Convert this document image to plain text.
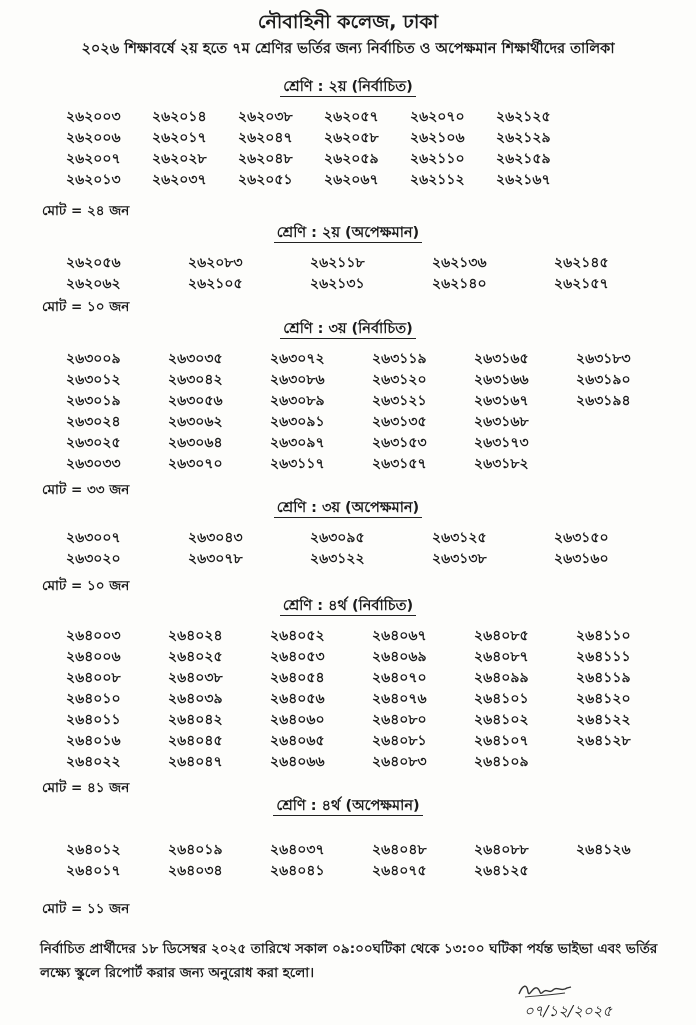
নৌবাহিনী কলেজ, ঢাকা

২০২৬ শিক্ষাবর্ষে ২য় হতে ৭ম শ্রেণির ভর্তির জন্য নির্বাচিত ও অপেক্ষমান শিক্ষার্থীদের তালিকা

শ্রেণি : ২য় (নির্বাচিত)
২৬২০০৩	২৬২০১৪	২৬২০৩৮	২৬২০৫৭	২৬২০৭০	২৬২১২৫
২৬২০০৬	২৬২০১৭	২৬২০৪৭	২৬২০৫৮	২৬২১০৬	২৬২১২৯
২৬২০০৭	২৬২০২৮	২৬২০৪৮	২৬২০৫৯	২৬২১১০	২৬২১৫৯
২৬২০১৩	২৬২০৩৭	২৬২০৫১	২৬২০৬৭	২৬২১১২	২৬২১৬৭
মোট = ২৪ জন
শ্রেণি : ২য় (অপেক্ষমান)
২৬২০৫৬	২৬২০৮৩	২৬২১১৮	২৬২১৩৬	২৬২১৪৫
২৬২০৬২	২৬২১০৫	২৬২১৩১	২৬২১৪০	২৬২১৫৭
মোট = ১০ জন
শ্রেণি : ৩য় (নির্বাচিত)
২৬৩০০৯	২৬৩০৩৫	২৬৩০৭২	২৬৩১১৯	২৬৩১৬৫	২৬৩১৮৩
২৬৩০১২	২৬৩০৪২	২৬৩০৮৬	২৬৩১২০	২৬৩১৬৬	২৬৩১৯০
২৬৩০১৯	২৬৩০৫৬	২৬৩০৮৯	২৬৩১২১	২৬৩১৬৭	২৬৩১৯৪
২৬৩০২৪	২৬৩০৬২	২৬৩০৯১	২৬৩১৩৫	২৬৩১৬৮
২৬৩০২৫	২৬৩০৬৪	২৬৩০৯৭	২৬৩১৫৩	২৬৩১৭৩
২৬৩০৩৩	২৬৩০৭০	২৬৩১১৭	২৬৩১৫৭	২৬৩১৮২
মোট = ৩৩ জন
শ্রেণি : ৩য় (অপেক্ষমান)
২৬৩০০৭	২৬৩০৪৩	২৬৩০৯৫	২৬৩১২৫	২৬৩১৫০
২৬৩০২০	২৬৩০৭৮	২৬৩১২২	২৬৩১৩৮	২৬৩১৬০
মোট = ১০ জন
শ্রেণি : ৪র্থ (নির্বাচিত)
২৬৪০০৩	২৬৪০২৪	২৬৪০৫২	২৬৪০৬৭	২৬৪০৮৫	২৬৪১১০
২৬৪০০৬	২৬৪০২৫	২৬৪০৫৩	২৬৪০৬৯	২৬৪০৮৭	২৬৪১১১
২৬৪০০৮	২৬৪০৩৮	২৬৪০৫৪	২৬৪০৭০	২৬৪০৯৯	২৬৪১১৯
২৬৪০১০	২৬৪০৩৯	২৬৪০৫৬	২৬৪০৭৬	২৬৪১০১	২৬৪১২০
২৬৪০১১	২৬৪০৪২	২৬৪০৬০	২৬৪০৮০	২৬৪১০২	২৬৪১২২
২৬৪০১৬	২৬৪০৪৫	২৬৪০৬৫	২৬৪০৮১	২৬৪১০৭	২৬৪১২৮
২৬৪০২২	২৬৪০৪৭	২৬৪০৬৬	২৬৪০৮৩	২৬৪১০৯
মোট = ৪১ জন
শ্রেণি : ৪র্থ (অপেক্ষমান)
২৬৪০১২	২৬৪০১৯	২৬৪০৩৭	২৬৪০৪৮	২৬৪০৮৮	২৬৪১২৬
২৬৪০১৭	২৬৪০৩৪	২৬৪০৪১	২৬৪০৭৫	২৬৪১২৫
মোট = ১১ জন

নির্বাচিত প্রার্থীদের ১৮ ডিসেম্বর ২০২৫ তারিখে সকাল ০৯:০০ঘটিকা থেকে ১৩:০০ ঘটিকা পর্যন্ত ভাইভা এবং ভর্তির লক্ষ্যে স্কুলে রিপোর্ট করার জন্য অনুরোধ করা হলো।

০৭/১২/২০২৫
